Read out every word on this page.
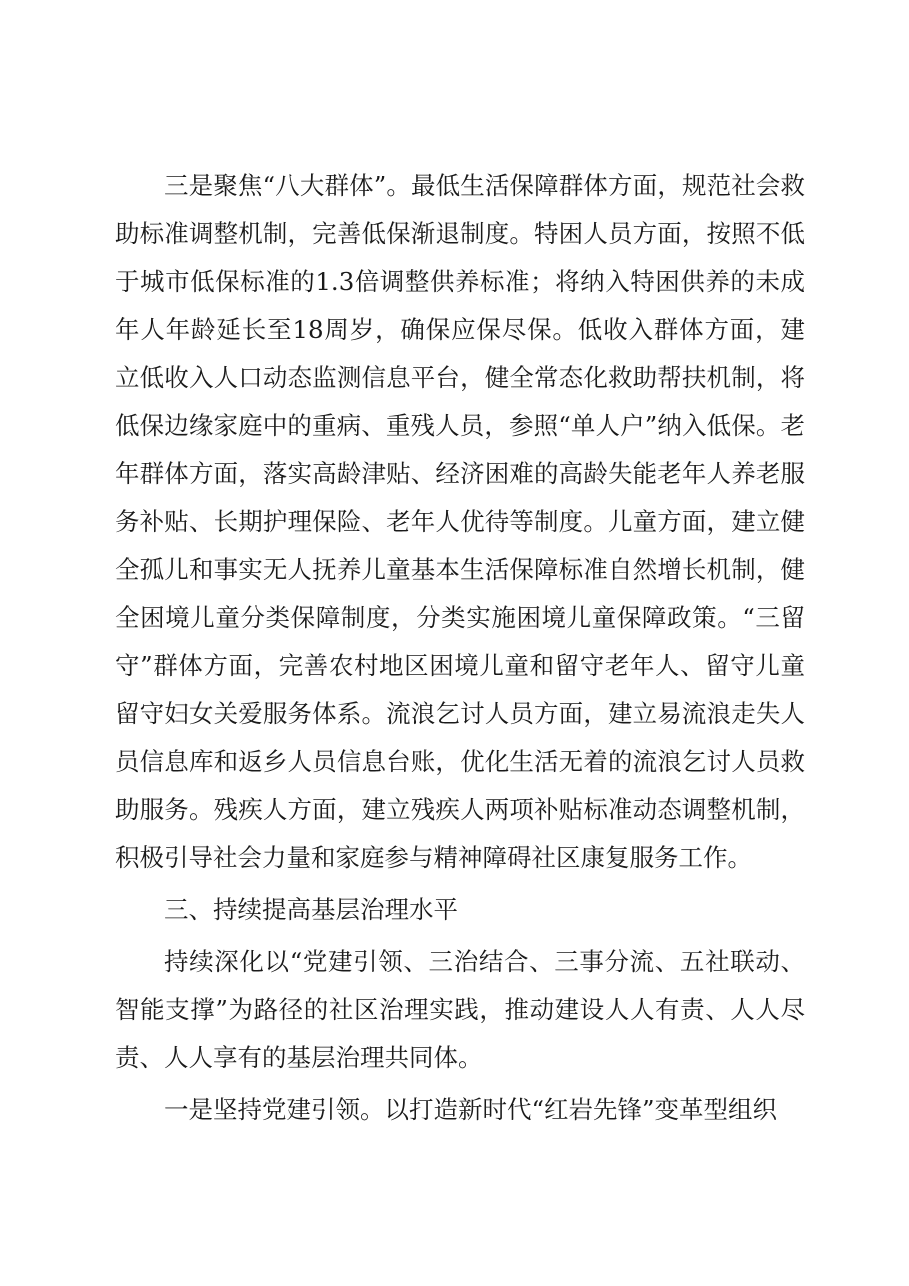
三是聚焦“八大群体”。最低生活保障群体方面，规范社会救助标准调整机制，完善低保渐退制度。特困人员方面，按照不低于城市低保标准的1.3倍调整供养标准；将纳入特困供养的未成年人年龄延长至18周岁，确保应保尽保。低收入群体方面，建立低收入人口动态监测信息平台，健全常态化救助帮扶机制，将低保边缘家庭中的重病、重残人员，参照“单人户”纳入低保。老年群体方面，落实高龄津贴、经济困难的高龄失能老年人养老服务补贴、长期护理保险、老年人优待等制度。儿童方面，建立健全孤儿和事实无人抚养儿童基本生活保障标准自然增长机制，健全困境儿童分类保障制度，分类实施困境儿童保障政策。“三留守”群体方面，完善农村地区困境儿童和留守老年人、留守儿童留守妇女关爱服务体系。流浪乞讨人员方面，建立易流浪走失人员信息库和返乡人员信息台账，优化生活无着的流浪乞讨人员救助服务。残疾人方面，建立残疾人两项补贴标准动态调整机制，积极引导社会力量和家庭参与精神障碍社区康复服务工作。

三、持续提高基层治理水平

持续深化以“党建引领、三治结合、三事分流、五社联动、智能支撑”为路径的社区治理实践，推动建设人人有责、人人尽责、人人享有的基层治理共同体。

一是坚持党建引领。以打造新时代“红岩先锋”变革型组织
